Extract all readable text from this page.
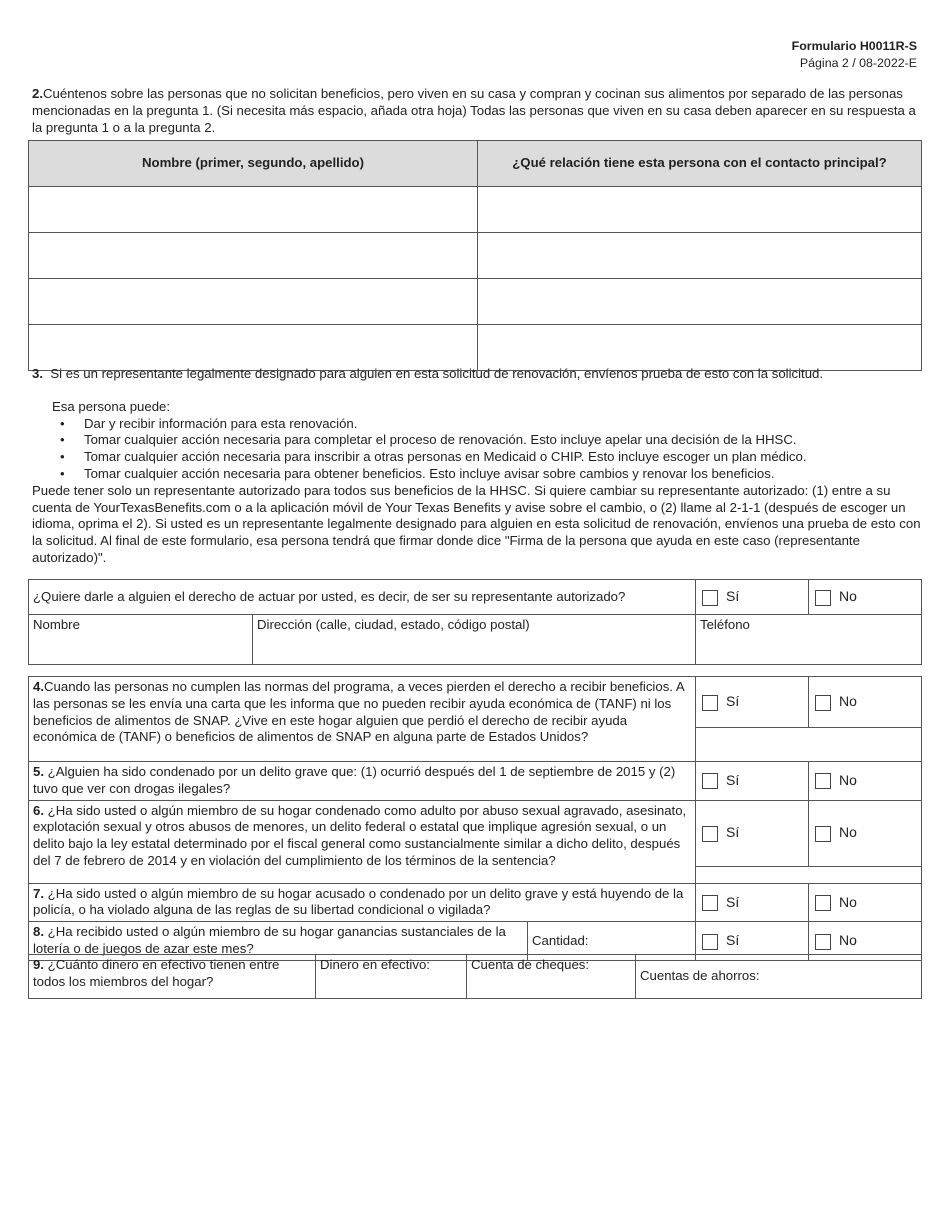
Formulario H0011R-S
Página 2 / 08-2022-E
2.Cuéntenos sobre las personas que no solicitan beneficios, pero viven en su casa y compran y cocinan sus alimentos por separado de las personas mencionadas en la pregunta 1. (Si necesita más espacio, añada otra hoja) Todas las personas que viven en su casa deben aparecer en su respuesta a la pregunta 1 o a la pregunta 2.
Nombre (primer, segundo, apellido)	¿Qué relación tiene esta persona con el contacto principal?

3. Si es un representante legalmente designado para alguien en esta solicitud de renovación, envíenos prueba de esto con la solicitud.
Esa persona puede:
• Dar y recibir información para esta renovación.
• Tomar cualquier acción necesaria para completar el proceso de renovación. Esto incluye apelar una decisión de la HHSC.
• Tomar cualquier acción necesaria para inscribir a otras personas en Medicaid o CHIP. Esto incluye escoger un plan médico.
• Tomar cualquier acción necesaria para obtener beneficios. Esto incluye avisar sobre cambios y renovar los beneficios.
Puede tener solo un representante autorizado para todos sus beneficios de la HHSC. Si quiere cambiar su representante autorizado: (1) entre a su cuenta de YourTexasBenefits.com o a la aplicación móvil de Your Texas Benefits y avise sobre el cambio, o (2) llame al 2-1-1 (después de escoger un idioma, oprima el 2). Si usted es un representante legalmente designado para alguien en esta solicitud de renovación, envíenos una prueba de esto con la solicitud. Al final de este formulario, esa persona tendrá que firmar donde dice "Firma de la persona que ayuda en este caso (representante autorizado)".
¿Quiere darle a alguien el derecho de actuar por usted, es decir, de ser su representante autorizado?		Sí	No
Nombre	Dirección (calle, ciudad, estado, código postal)	Teléfono	
4.Cuando las personas no cumplen las normas del programa, a veces pierden el derecho a recibir beneficios. A las personas se les envía una carta que les informa que no pueden recibir ayuda económica de (TANF) ni los beneficios de alimentos de SNAP. ¿Vive en este hogar alguien que perdió el derecho de recibir ayuda económica de (TANF) o beneficios de alimentos de SNAP en alguna parte de Estados Unidos?		Sí	No

5. ¿Alguien ha sido condenado por un delito grave que: (1) ocurrió después del 1 de septiembre de 2015 y (2) tuvo que ver con drogas ilegales?		Sí	No
6. ¿Ha sido usted o algún miembro de su hogar condenado como adulto por abuso sexual agravado, asesinato, explotación sexual y otros abusos de menores, un delito federal o estatal que implique agresión sexual, o un delito bajo la ley estatal determinado por el fiscal general como sustancialmente similar a dicho delito, después del 7 de febrero de 2014 y en violación del cumplimiento de los términos de la sentencia?		Sí	No

7. ¿Ha sido usted o algún miembro de su hogar acusado o condenado por un delito grave y está huyendo de la policía, o ha violado alguna de las reglas de su libertad condicional o vigilada?		Sí	No
8. ¿Ha recibido usted o algún miembro de su hogar ganancias sustanciales de la lotería o de juegos de azar este mes?	Cantidad:	Sí	No
9. ¿Cuánto dinero en efectivo tienen entre todos los miembros del hogar?	Dinero en efectivo:	Cuenta de cheques:	Cuentas de ahorros:
